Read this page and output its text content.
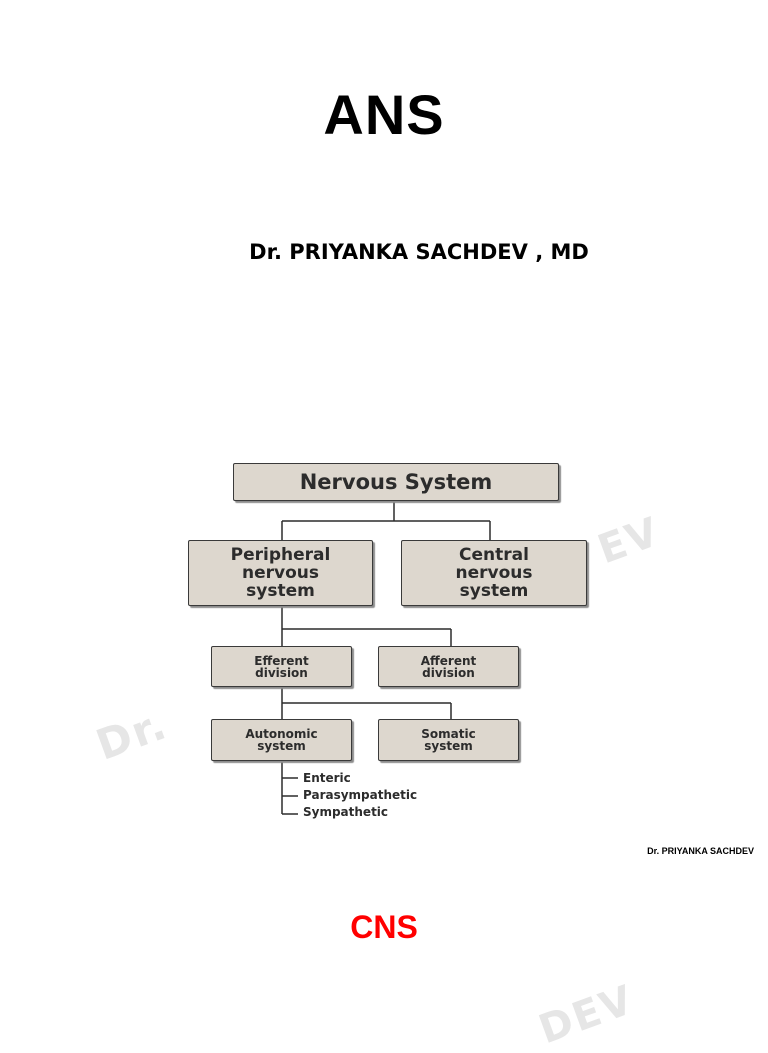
ANS
Dr. PRIYANKA SACHDEV , MD
EV
Dr.
DEV
Nervous System
Peripheral
nervous
system
Central
nervous
system
Efferent
division
Afferent
division
Autonomic
system
Somatic
system
Enteric
Parasympathetic
Sympathetic
Dr. PRIYANKA SACHDEV
CNS
